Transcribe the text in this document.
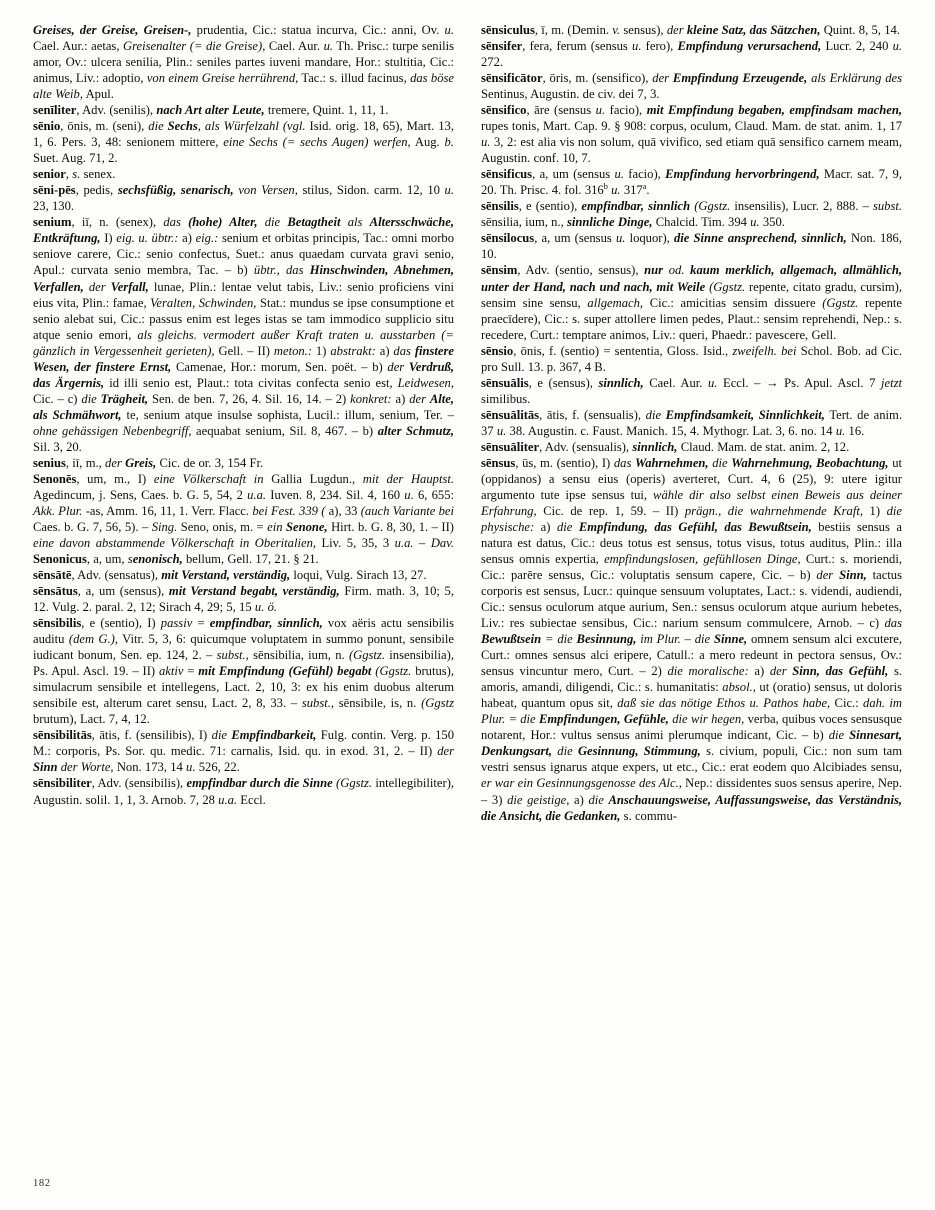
Greises, der Greise, Greisen-, prudentia, Cic.: statua incurva, Cic.: anni, Ov. u. Cael. Aur.: aetas, Greisenalter (= die Greise), Cael. Aur. u. Th. Prisc.: turpe senilis amor, Ov.: ulcera senilia, Plin.: seniles partes iuveni mandare, Hor.: stultitia, Cic.: animus, Liv.: adoptio, von einem Greise herrührend, Tac.: s. illud facinus, das böse alte Weib, Apul.

senīliter, Adv. (senilis), nach Art alter Leute, tremere, Quint. 1, 11, 1.

sēnio, ōnis, m. (seni), die Sechs, als Würfelzahl (vgl. Isid. orig. 18, 65), Mart. 13, 1, 6. Pers. 3, 48: senionem mittere, eine Sechs (= sechs Augen) werfen, Aug. b. Suet. Aug. 71, 2.

senior, s. senex.

sēni-pēs, pedis, sechsfüßig, senarisch, von Versen, stilus, Sidon. carm. 12, 10 u. 23, 130.

senium, iī, n. (senex), das (hohe) Alter, die Betagtheit als Altersschwäche, Entkräftung, I) eig. u. übtr.: a) eig.: senium et orbitas principis, Tac.: omni morbo seniove carere, Cic.: senio confectus, Suet.: anus quaedam curvata gravi senio, Apul.: curvata senio membra, Tac. – b) übtr., das Hinschwinden, Abnehmen, Verfallen, der Verfall, lunae, Plin.: lentae velut tabis, Liv.: senio proficiens vini eius vita, Plin.: famae, Veralten, Schwinden, Stat.: mundus se ipse consumptione et senio alebat sui, Cic.: passus enim est leges istas se tam immodico supplicio situ atque senio emori, als gleichs. vermodert außer Kraft traten u. ausstarben (= gänzlich in Vergessenheit gerieten), Gell. – II) meton.: 1) abstrakt: a) das finstere Wesen, der finstere Ernst, Camenae, Hor.: morum, Sen. poët. – b) der Verdruß, das Ärgernis, id illi senio est, Plaut.: tota civitas confecta senio est, Leidwesen, Cic. – c) die Trägheit, Sen. de ben. 7, 26, 4. Sil. 16, 14. – 2) konkret: a) der Alte, als Schmähwort, te, senium atque insulse sophista, Lucil.: illum, senium, Ter. – ohne gehässigen Nebenbegriff, aequabat senium, Sil. 8, 467. – b) alter Schmutz, Sil. 3, 20.

senius, iī, m., der Greis, Cic. de or. 3, 154 Fr.

Senonēs, um, m., I) eine Völkerschaft in Gallia Lugdun., mit der Hauptst. Agedincum, j. Sens, Caes. b. G. 5, 54, 2 u.a. Iuven. 8, 234. Sil. 4, 160 u. 6, 655: Akk. Plur. -as, Amm. 16, 11, 1. Verr. Flacc. bei Fest. 339 ( a), 33 (auch Variante bei Caes. b. G. 7, 56, 5). – Sing. Seno, onis, m. = ein Senone, Hirt. b. G. 8, 30, 1. – II) eine davon abstammende Völkerschaft in Oberitalien, Liv. 5, 35, 3 u.a. – Dav. Senonicus, a, um, senonisch, bellum, Gell. 17, 21. § 21.

sēnsātē, Adv. (sensatus), mit Verstand, verständig, loqui, Vulg. Sirach 13, 27.

sēnsātus, a, um (sensus), mit Verstand begabt, verständig, Firm. math. 3, 10; 5, 12. Vulg. 2. paral. 2, 12; Sirach 4, 29; 5, 15 u. ö.

sēnsibilis, e (sentio), I) passiv = empfindbar, sinnlich, vox aëris actu sensibilis auditu (dem G.), Vitr. 5, 3, 6: quicumque voluptatem in summo ponunt, sensibile iudicant bonum, Sen. ep. 124, 2. – subst., sēnsibilia, ium, n. (Ggstz. insensibilia), Ps. Apul. Ascl. 19. – II) aktiv = mit Empfindung (Gefühl) begabt (Ggstz. brutus), simulacrum sensibile et intellegens, Lact. 2, 10, 3: ex his enim duobus alterum sensibile est, alterum caret sensu, Lact. 2, 8, 33. – subst., sēnsibile, is, n. (Ggstz brutum), Lact. 7, 4, 12.

sēnsibilitās, ātis, f. (sensilibis), I) die Empfindbarkeit, Fulg. contin. Verg. p. 150 M.: corporis, Ps. Sor. qu. medic. 71: carnalis, Isid. qu. in exod. 31, 2. – II) der Sinn der Worte, Non. 173, 14 u. 526, 22.

sēnsibiliter, Adv. (sensibilis), empfindbar durch die Sinne (Ggstz. intellegibiliter), Augustin. solil. 1, 1, 3. Arnob. 7, 28 u.a. Eccl.

sēnsiculus, ī, m. (Demin. v. sensus), der kleine Satz, das Sätzchen, Quint. 8, 5, 14.

sēnsifer, fera, ferum (sensus u. fero), Empfindung verursachend, Lucr. 2, 240 u. 272.

sēnsificātor, ōris, m. (sensifico), der Empfindung Erzeugende, als Erklärung des Sentinus, Augustin. de civ. dei 7, 3.

sēnsifico, āre (sensus u. facio), mit Empfindung begaben, empfindsam machen, rupes tonis, Mart. Cap. 9. § 908: corpus, oculum, Claud. Mam. de stat. anim. 1, 17 u. 3, 2: est alia vis non solum, quā vivifico, sed etiam quā sensifico carnem meam, Augustin. conf. 10, 7.

sēnsificus, a, um (sensus u. facio), Empfindung hervorbringend, Macr. sat. 7, 9, 20. Th. Prisc. 4. fol. 316$^b$ u. 317$^a$.

sēnsilis, e (sentio), empfindbar, sinnlich (Ggstz. insensilis), Lucr. 2, 888. – subst. sēnsilia, ium, n., sinnliche Dinge, Chalcid. Tim. 394 u. 350.

sēnsilocus, a, um (sensus u. loquor), die Sinne ansprechend, sinnlich, Non. 186, 10.

sēnsim, Adv. (sentio, sensus), nur od. kaum merklich, allgemach, allmählich, unter der Hand, nach und nach, mit Weile (Ggstz. repente, citato gradu, cursim), sensim sine sensu, allgemach, Cic.: amicitias sensim dissuere (Ggstz. repente praecīdere), Cic.: s. super attollere limen pedes, Plaut.: sensim reprehendi, Nep.: s. recedere, Curt.: temptare animos, Liv.: queri, Phaedr.: pavescere, Gell.

sēnsio, ōnis, f. (sentio) = sententia, Gloss. Isid., zweifelh. bei Schol. Bob. ad Cic. pro Sull. 13. p. 367, 4 B.

sēnsuālis, e (sensus), sinnlich, Cael. Aur. u. Eccl. – → Ps. Apul. Ascl. 7 jetzt similibus.

sēnsuālitās, ātis, f. (sensualis), die Empfindsamkeit, Sinnlichkeit, Tert. de anim. 37 u. 38. Augustin. c. Faust. Manich. 15, 4. Mythogr. Lat. 3, 6. no. 14 u. 16.

sēnsuāliter, Adv. (sensualis), sinnlich, Claud. Mam. de stat. anim. 2, 12.

sēnsus, ūs, m. (sentio), I) das Wahrnehmen, die Wahrnehmung, Beobachtung, ut (oppidanos) a sensu eius (operis) averteret, Curt. 4, 6 (25), 9: utere igitur argumento tute ipse sensus tui, wähle dir also selbst einen Beweis aus deiner Erfahrung, Cic. de rep. 1, 59. – II) prägn., die wahrnehmende Kraft, 1) die physische: a) die Empfindung, das Gefühl, das Bewußtsein, bestiis sensus a natura est datus, Cic.: deus totus est sensus, totus visus, totus auditus, Plin.: illa sensus omnis expertia, empfindungslosen, gefühllosen Dinge, Curt.: s. moriendi, Cic.: parēre sensus, Cic.: voluptatis sensum capere, Cic. – b) der Sinn, tactus corporis est sensus, Lucr.: quinque sensuum voluptates, Lact.: s. videndi, audiendi, Cic.: sensus oculorum atque aurium, Sen.: sensus oculorum atque aurium hebetes, Liv.: res subiectae sensibus, Cic.: narium sensum commulcere, Arnob. – c) das Bewußtsein = die Besinnung, im Plur. – die Sinne, omnem sensum alci excutere, Curt.: omnes sensus alci eripere, Catull.: a mero redeunt in pectora sensus, Ov.: sensus vincuntur mero, Curt. – 2) die moralische: a) der Sinn, das Gefühl, s. amoris, amandi, diligendi, Cic.: s. humanitatis: absol., ut (oratio) sensus, ut doloris habeat, quantum opus sit, daß sie das nötige Ethos u. Pathos habe, Cic.: dah. im Plur. = die Empfindungen, Gefühle, die wir hegen, verba, quibus voces sensusque notarent, Hor.: vultus sensus animi plerumque indicant, Cic. – b) die Sinnesart, Denkungsart, die Gesinnung, Stimmung, s. civium, populi, Cic.: non sum tam vestri sensus ignarus atque expers, ut etc., Cic.: erat eodem quo Alcibiades sensu, er war ein Gesinnungsgenosse des Alc., Nep.: dissidentes suos sensus aperire, Nep. – 3) die geistige, a) die Anschauungsweise, Auffassungsweise, das Verständnis, die Ansicht, die Gedanken, s. commu-

182
